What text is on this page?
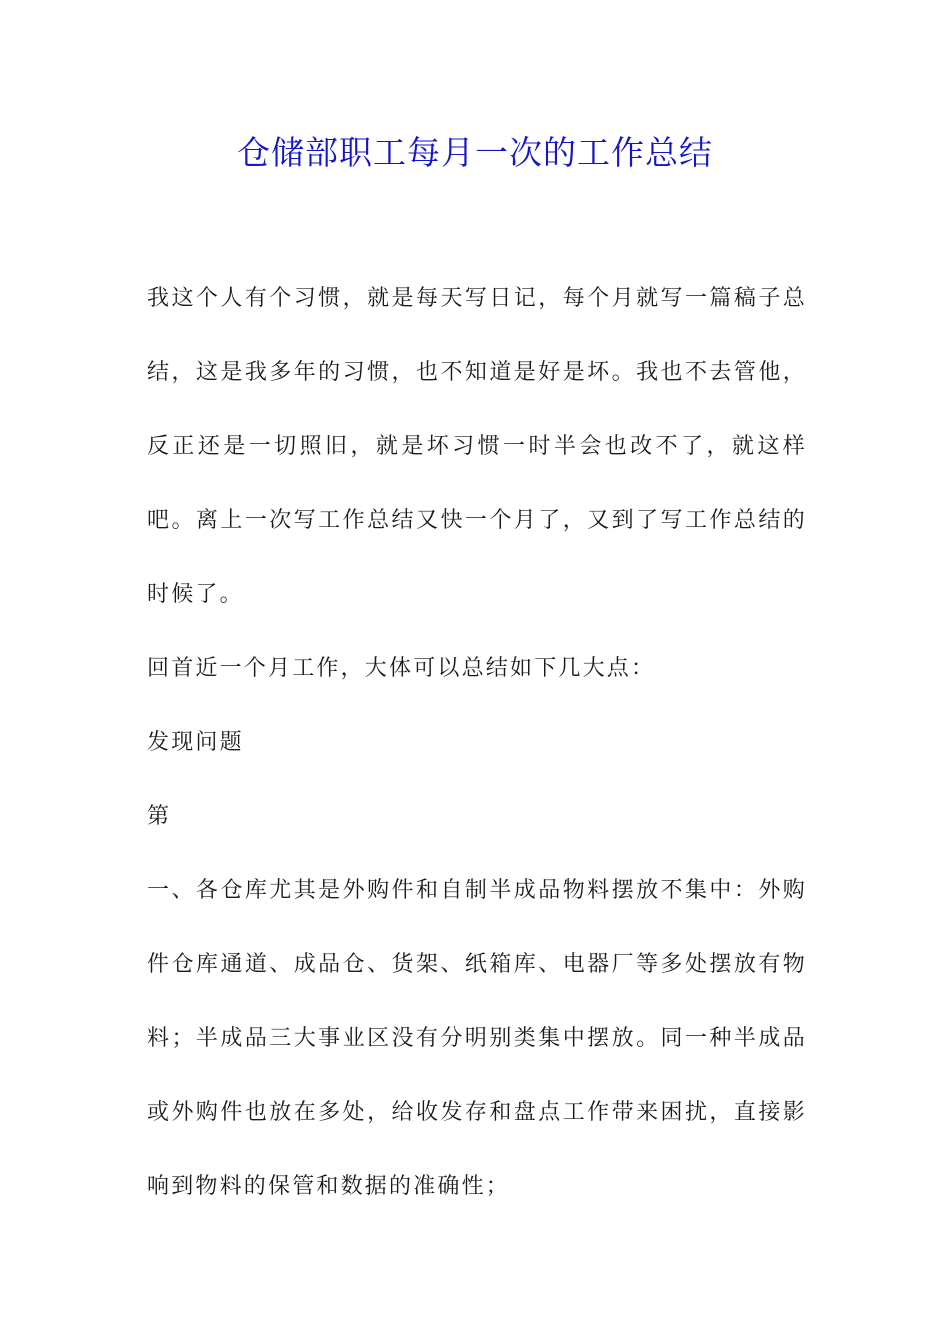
仓储部职工每月一次的工作总结

我这个人有个习惯，就是每天写日记，每个月就写一篇稿子总结，这是我多年的习惯，也不知道是好是坏。我也不去管他，反正还是一切照旧，就是坏习惯一时半会也改不了，就这样吧。离上一次写工作总结又快一个月了，又到了写工作总结的时候了。

回首近一个月工作，大体可以总结如下几大点：

发现问题

第

一、各仓库尤其是外购件和自制半成品物料摆放不集中：外购件仓库通道、成品仓、货架、纸箱库、电器厂等多处摆放有物料；半成品三大事业区没有分明别类集中摆放。同一种半成品或外购件也放在多处，给收发存和盘点工作带来困扰，直接影响到物料的保管和数据的准确性；
